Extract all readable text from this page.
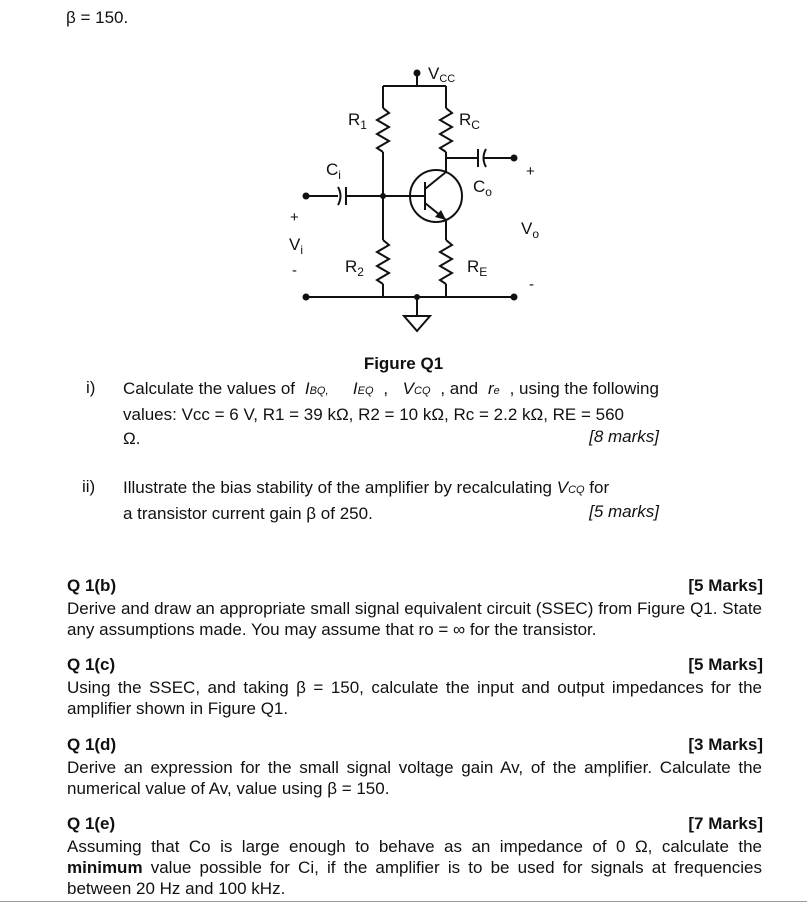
β = 150.
VCC
$R_1$	$R_C$
$C_i$
$C_o$
+
$V_o$
-
+
$V_i$
-	$R_2$	$R_E$
Figure Q1
i) Calculate the values of IBQ,
IEQ , VCQ , and re , using the following
values: Vcc = 6 V, R1 = 39 kΩ, R2 = 10 kΩ, Rc = 2.2 kΩ, RE = 560
Ω.	[8 marks]
ii) Illustrate the bias stability of the amplifier by recalculating VCQ for
a transistor current gain β of 250.	[5 marks]
Q 1(b)	[5 Marks]
Derive and draw an appropriate small signal equivalent circuit (SSEC) from Figure Q1. State any assumptions made. You may assume that ro = ∞ for the transistor.
Q 1(c)	[5 Marks]
Using the SSEC, and taking β = 150, calculate the input and output impedances for the amplifier shown in Figure Q1.
Q 1(d)	[3 Marks]
Derive an expression for the small signal voltage gain Av, of the amplifier. Calculate the numerical value of Av, value using β = 150.
Q 1(e)	[7 Marks]
Assuming that Co is large enough to behave as an impedance of 0 Ω, calculate the minimum value possible for Ci, if the amplifier is to be used for signals at frequencies between 20 Hz and 100 kHz.
